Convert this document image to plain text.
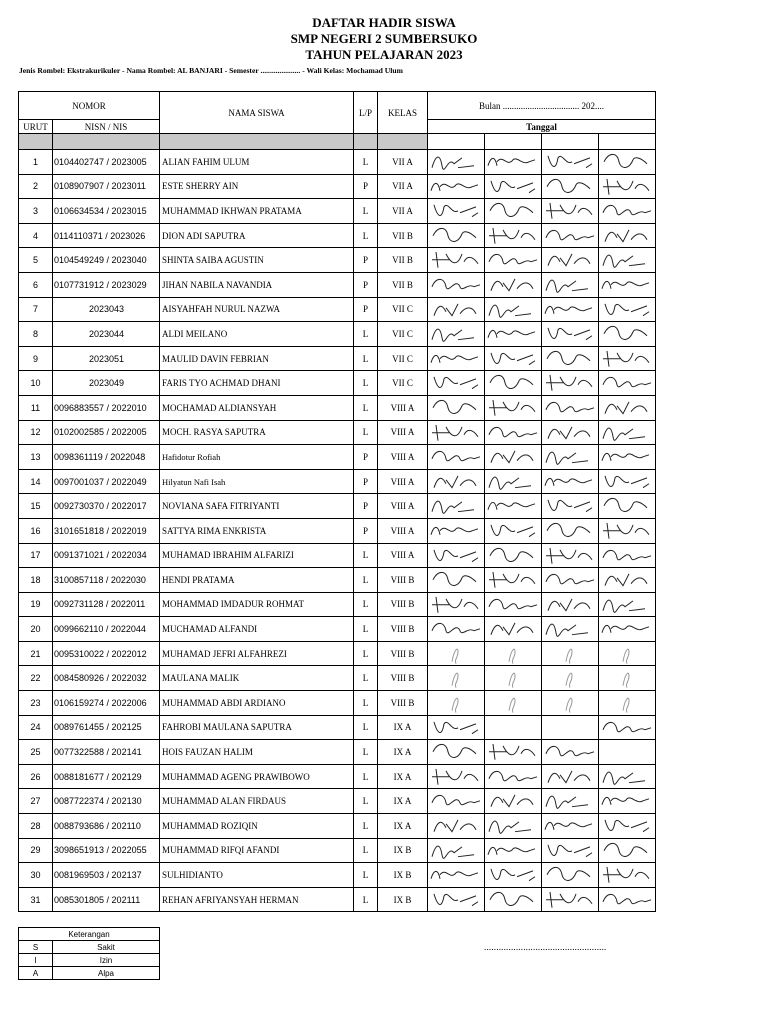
DAFTAR HADIR SISWA
SMP NEGERI 2 SUMBERSUKO
TAHUN PELAJARAN 2023
Jenis Rombel: Ekstrakurikuler - Nama Rombel: AL BANJARI - Semester ..................... - Wali Kelas: Mochamad Ulum
NOMOR		NAMA SISWA	L/P	KELAS	Bulan .................................. 202....			
URUT	NISN / NIS				Tanggal			

1	0104402747 / 2023005	ALIAN FAHIM ULUM	L	VII A	

2	0108907907 / 2023011	ESTE SHERRY AIN	P	VII A	

3	0106634534 / 2023015	MUHAMMAD IKHWAN PRATAMA	L	VII A	

4	0114110371 / 2023026	DION ADI SAPUTRA	L	VII B	

5	0104549249 / 2023040	SHINTA SAIBA AGUSTIN	P	VII B	

6	0107731912 / 2023029	JIHAN NABILA NAVANDIA	P	VII B	

7	2023043	AISYAHFAH NURUL NAZWA	P	VII C	

8	2023044	ALDI MEILANO	L	VII C	

9	2023051	MAULID DAVIN FEBRIAN	L	VII C	

10	2023049	FARIS TYO ACHMAD DHANI	L	VII C	

11	0096883557 / 2022010	MOCHAMAD ALDIANSYAH	L	VIII A	

12	0102002585 / 2022005	MOCH. RASYA SAPUTRA	L	VIII A	

13	0098361119 / 2022048	Hafidotur Rofiah	P	VIII A	

14	0097001037 / 2022049	Hilyatun Nafi Isah	P	VIII A	

15	0092730370 / 2022017	NOVIANA SAFA FITRIYANTI	P	VIII A	

16	3101651818 / 2022019	SATTYA RIMA ENKRISTA	P	VIII A	

17	0091371021 / 2022034	MUHAMAD IBRAHIM ALFARIZI	L	VIII A	

18	3100857118 / 2022030	HENDI PRATAMA	L	VIII B	

19	0092731128 / 2022011	MOHAMMAD IMDADUR ROHMAT	L	VIII B	

20	0099662110 / 2022044	MUCHAMAD ALFANDI	L	VIII B	

21	0095310022 / 2022012	MUHAMAD JEFRI ALFAHREZI	L	VIII B	

22	0084580926 / 2022032	MAULANA MALIK	L	VIII B	

23	0106159274 / 2022006	MUHAMMAD ABDI ARDIANO	L	VIII B	

24	0089761455 / 202125	FAHROBI MAULANA SAPUTRA	L	IX A	

25	0077322588 / 202141	HOIS FAUZAN HALIM	L	IX A	

26	0088181677 / 202129	MUHAMMAD AGENG PRAWIBOWO	L	IX A	

27	0087722374 / 202130	MUHAMMAD ALAN FIRDAUS	L	IX A	

28	0088793686 / 202110	MUHAMMAD ROZIQIN	L	IX A	

29	3098651913 / 2022055	MUHAMMAD RIFQI AFANDI	L	IX B	

30	0081969503 / 202137	SULHIDIANTO	L	IX B	

31	0085301805 / 202111	REHAN AFRIYANSYAH HERMAN	L	IX B	

Keterangan	
S	Sakit
I	Izin
A	Alpa
..................................................
